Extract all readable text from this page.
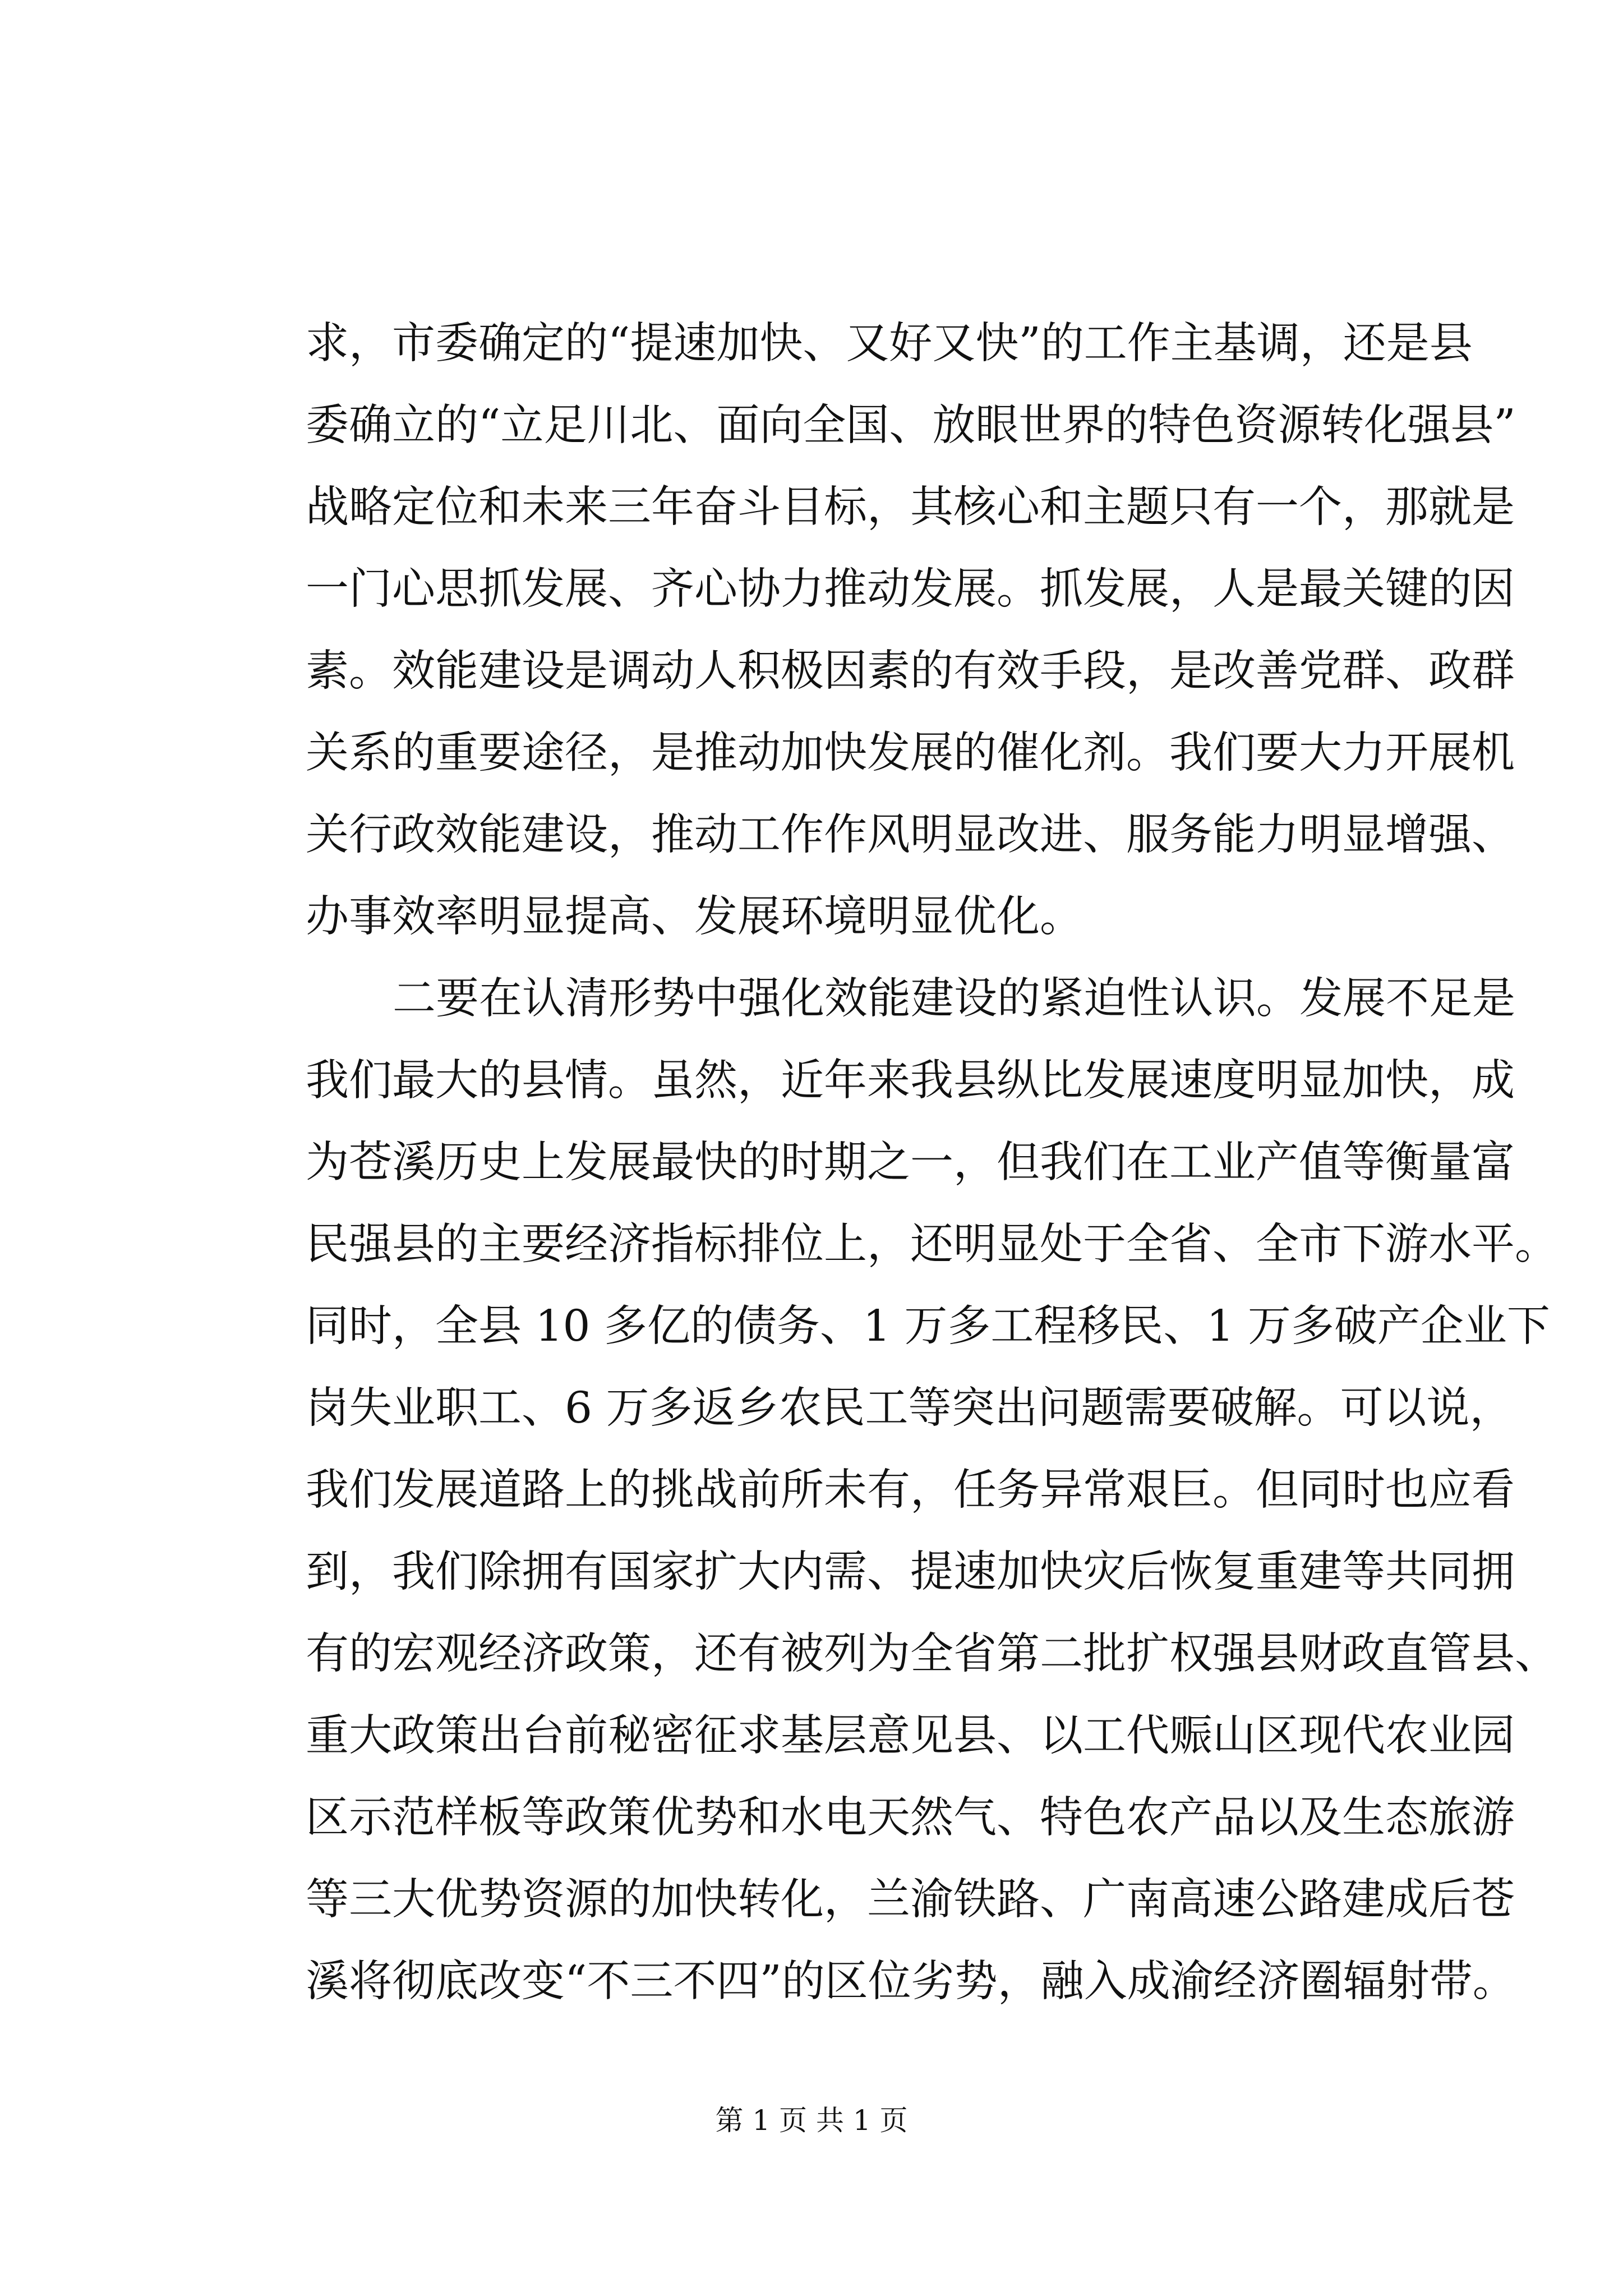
求，市委确定的“提速加快、又好又快”的工作主基调，还是县
委确立的“立足川北、面向全国、放眼世界的特色资源转化强县”
战略定位和未来三年奋斗目标，其核心和主题只有一个，那就是
一门心思抓发展、齐心协力推动发展。抓发展，人是最关键的因
素。效能建设是调动人积极因素的有效手段，是改善党群、政群
关系的重要途径，是推动加快发展的催化剂。我们要大力开展机
关行政效能建设，推动工作作风明显改进、服务能力明显增强、
办事效率明显提高、发展环境明显优化。
二要在认清形势中强化效能建设的紧迫性认识。发展不足是
我们最大的县情。虽然，近年来我县纵比发展速度明显加快，成
为苍溪历史上发展最快的时期之一，但我们在工业产值等衡量富
民强县的主要经济指标排位上，还明显处于全省、全市下游水平。
同时，全县 10 多亿的债务、1 万多工程移民、1 万多破产企业下
岗失业职工、6 万多返乡农民工等突出问题需要破解。可以说，
我们发展道路上的挑战前所未有，任务异常艰巨。但同时也应看
到，我们除拥有国家扩大内需、提速加快灾后恢复重建等共同拥
有的宏观经济政策，还有被列为全省第二批扩权强县财政直管县、
重大政策出台前秘密征求基层意见县、以工代赈山区现代农业园
区示范样板等政策优势和水电天然气、特色农产品以及生态旅游
等三大优势资源的加快转化，兰渝铁路、广南高速公路建成后苍
溪将彻底改变“不三不四”的区位劣势，融入成渝经济圈辐射带。
第 1 页 共 1 页
